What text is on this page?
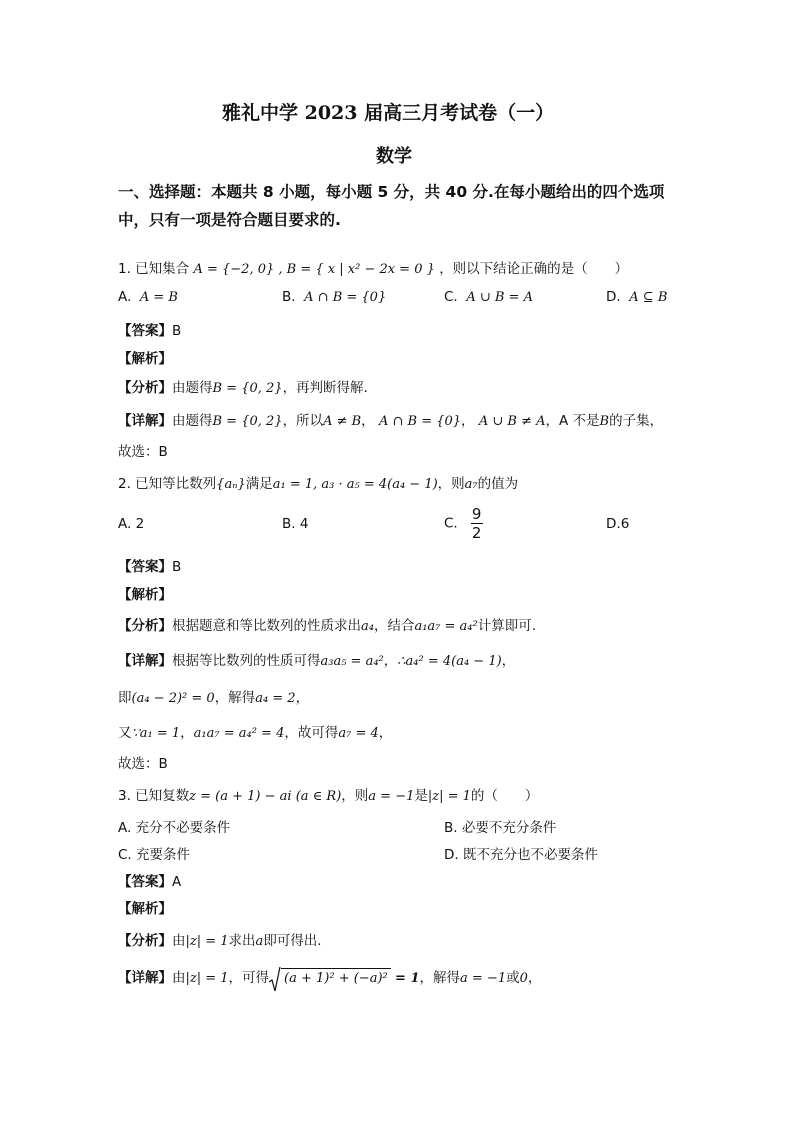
雅礼中学 2023 届高三月考试卷（一）
数学
一、选择题：本题共 8 小题，每小题 5 分，共 40 分.在每小题给出的四个选项
中，只有一项是符合题目要求的.
1. 已知集合 A = {−2, 0} , B = { x | x² − 2x = 0 } ，则以下结论正确的是（　　）
A. A = B	B. A ∩ B = {0}	C. A ∪ B = A	D. A ⊆ B
【答案】B
【解析】
【分析】由题得B = {0, 2}，再判断得解.
【详解】由题得B = {0, 2}，所以A ≠ B， A ∩ B = {0}， A ∪ B ≠ A，A 不是B的子集，
故选：B
2. 已知等比数列{aₙ}满足a₁ = 1, a₃ · a₅ = 4(a₄ − 1)，则a₇的值为
A. 2	B. 4	C. $\frac{9}{2}$	D.6
【答案】B
【解析】
【分析】根据题意和等比数列的性质求出a₄，结合a₁a₇ = a₄²计算即可.
【详解】根据等比数列的性质可得a₃a₅ = a₄²，∴a₄² = 4(a₄ − 1)，
即(a₄ − 2)² = 0，解得a₄ = 2，
又∵a₁ = 1，a₁a₇ = a₄² = 4，故可得a₇ = 4，
故选：B
3. 已知复数z = (a + 1) − ai (a ∈ R)，则a = −1是|z| = 1的（　　）
A. 充分不必要条件	B. 必要不充分条件
C. 充要条件	D. 既不充分也不必要条件
【答案】A
【解析】
【分析】由|z| = 1求出a即可得出.
【详解】由|z| = 1，可得 (a + 1)² + (−a)² = 1，解得a = −1或0，
